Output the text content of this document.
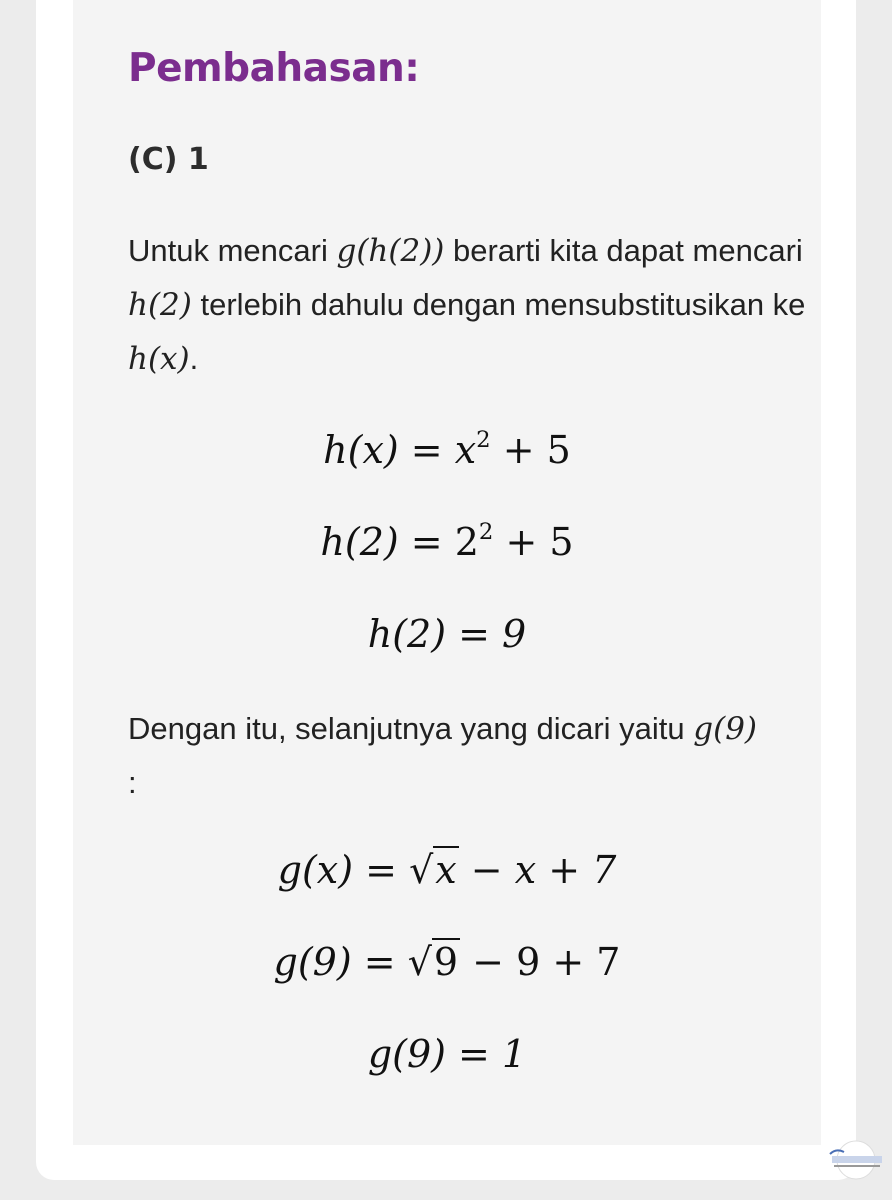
Pembahasan:
(C) 1

Untuk mencari g(h(2)) berarti kita dapat mencari h(2) terlebih dahulu dengan mensubstitusikan ke h(x).

$h(x) = x^2 + 5$

$h(2) = 2^2 + 5$

h(2) = 9

Dengan itu, selanjutnya yang dicari yaitu g(9)
:

g(x) = √x − x + 7

g(9) = √9 − 9 + 7

g(9) = 1
